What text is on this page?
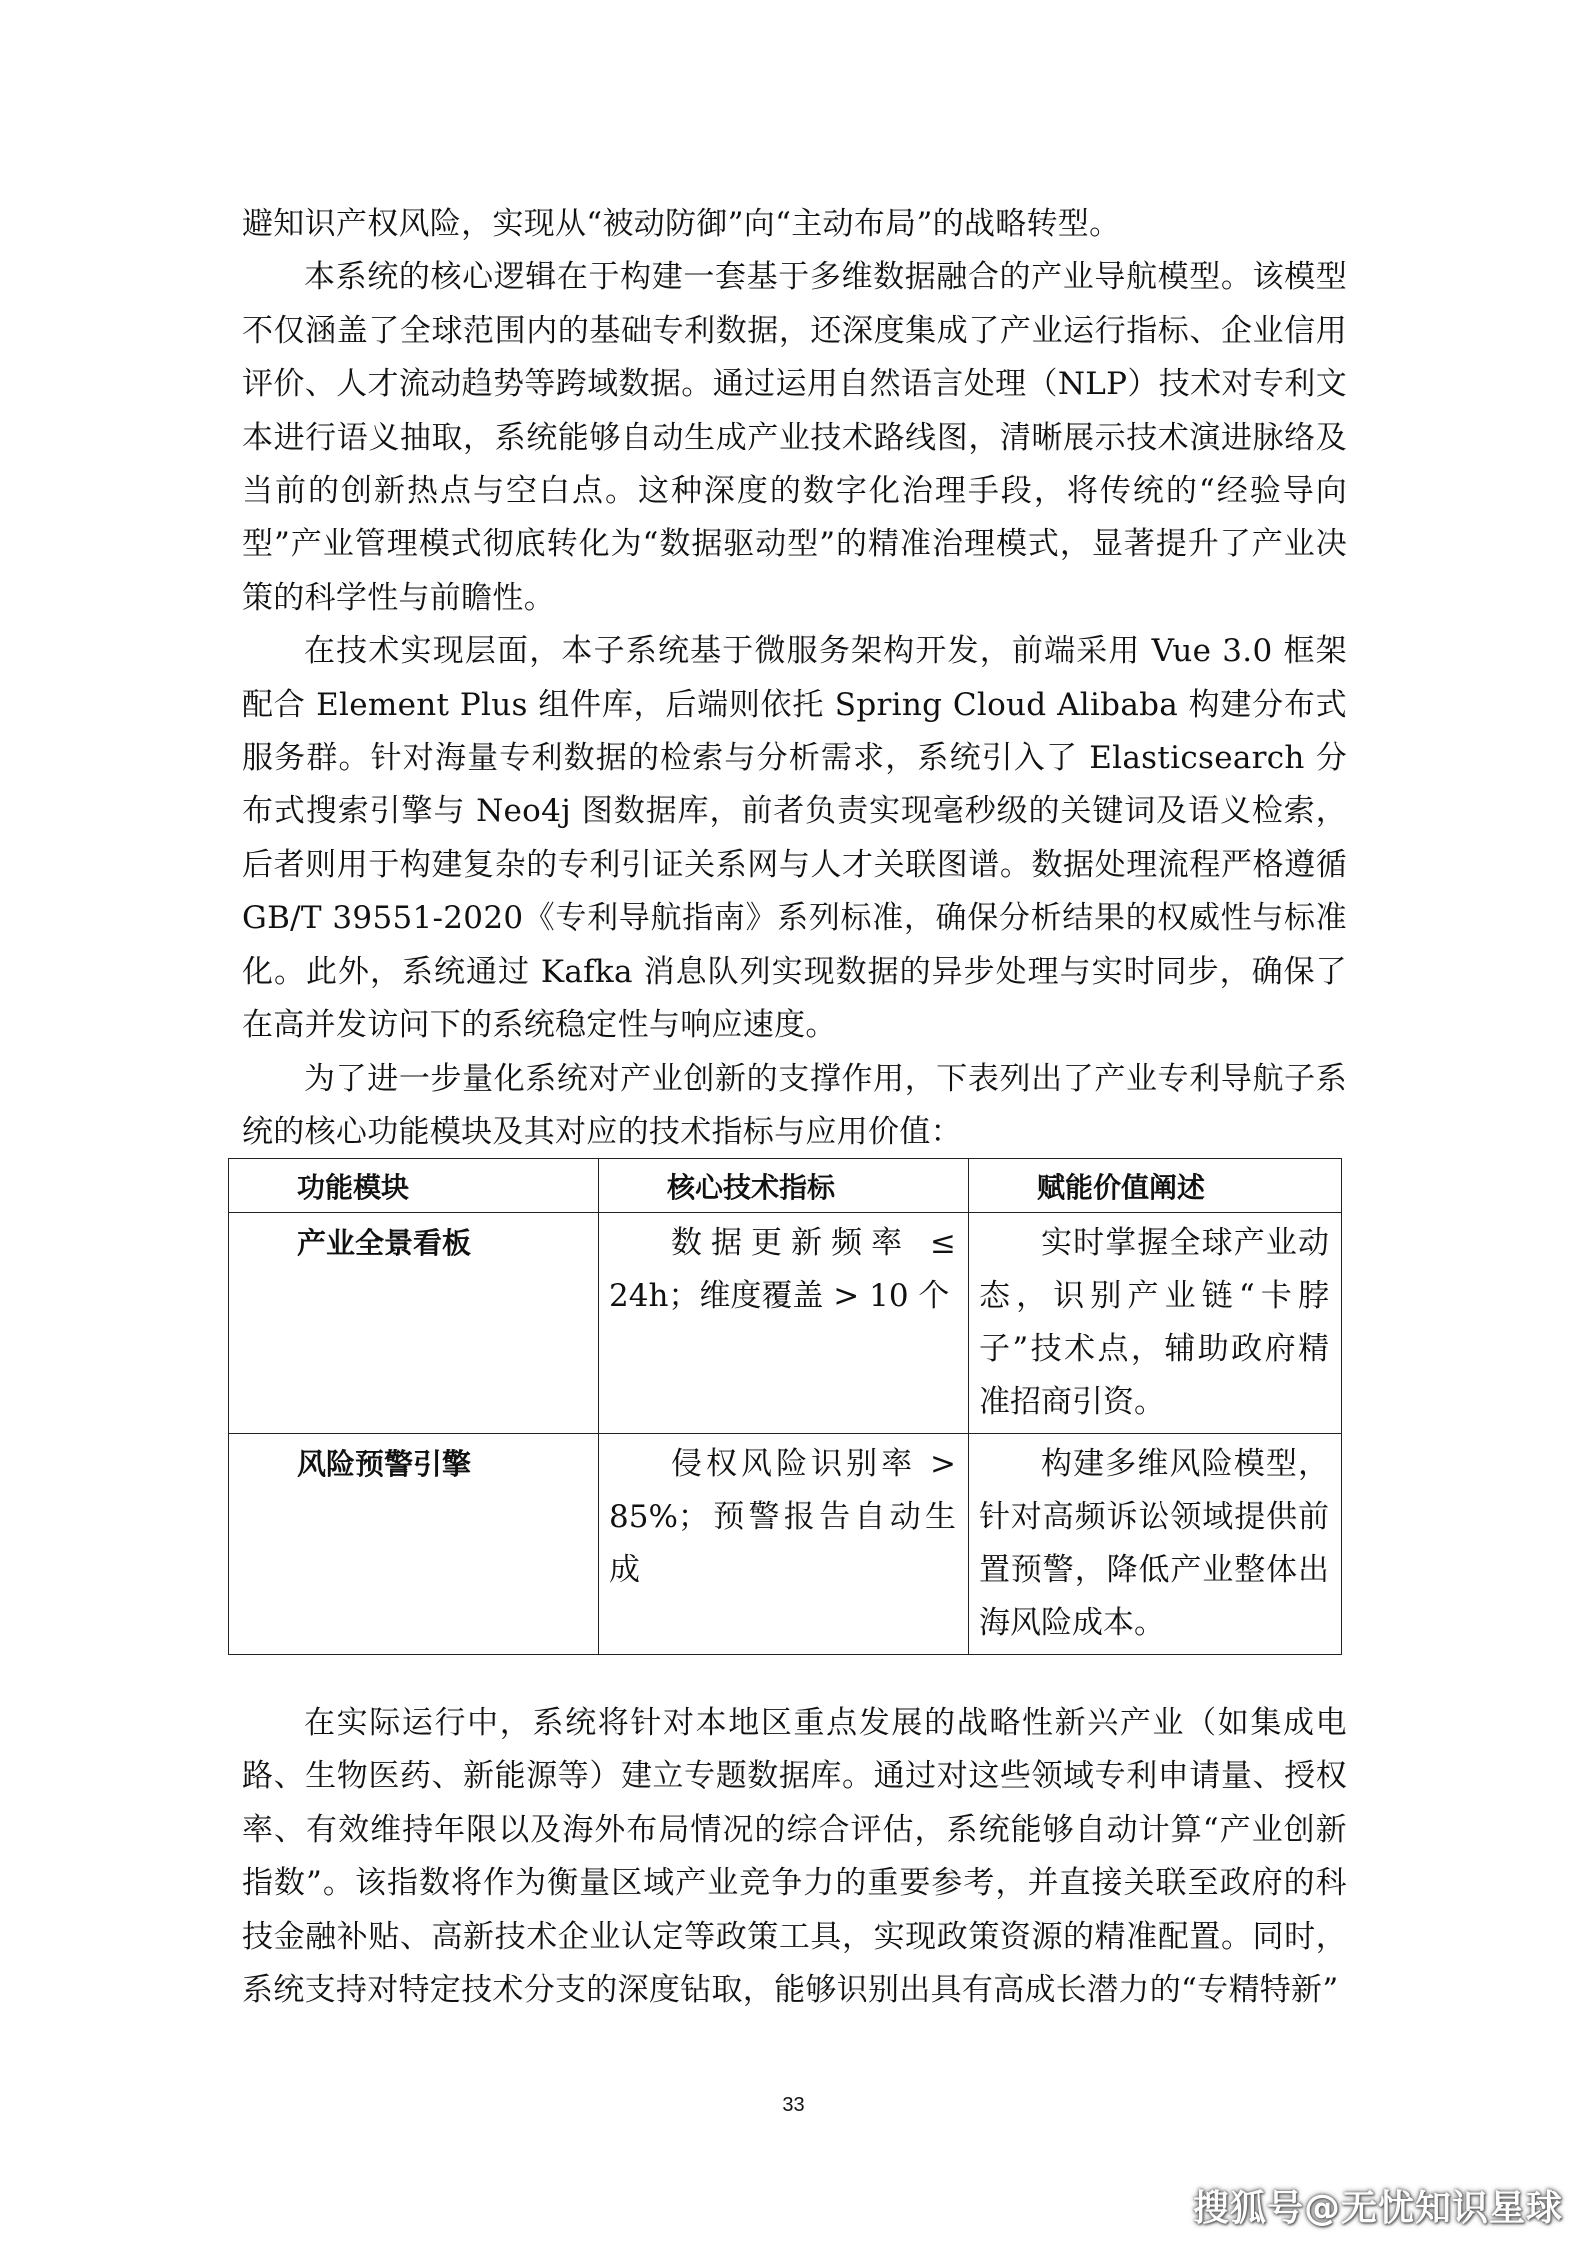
避知识产权风险，实现从“被动防御”向“主动布局”的战略转型。

本系统的核心逻辑在于构建一套基于多维数据融合的产业导航模型。该模型不仅涵盖了全球范围内的基础专利数据，还深度集成了产业运行指标、企业信用评价、人才流动趋势等跨域数据。通过运用自然语言处理（NLP）技术对专利文本进行语义抽取，系统能够自动生成产业技术路线图，清晰展示技术演进脉络及当前的创新热点与空白点。这种深度的数字化治理手段，将传统的“经验导向型”产业管理模式彻底转化为“数据驱动型”的精准治理模式，显著提升了产业决策的科学性与前瞻性。

在技术实现层面，本子系统基于微服务架构开发，前端采用 Vue 3.0 框架配合 Element Plus 组件库，后端则依托 Spring Cloud Alibaba 构建分布式服务群。针对海量专利数据的检索与分析需求，系统引入了 Elasticsearch 分布式搜索引擎与 Neo4j 图数据库，前者负责实现毫秒级的关键词及语义检索，后者则用于构建复杂的专利引证关系网与人才关联图谱。数据处理流程严格遵循 GB/T 39551-2020《专利导航指南》系列标准，确保分析结果的权威性与标准化。此外，系统通过 Kafka 消息队列实现数据的异步处理与实时同步，确保了在高并发访问下的系统稳定性与响应速度。

为了进一步量化系统对产业创新的支撑作用，下表列出了产业专利导航子系统的核心功能模块及其对应的技术指标与应用价值：

功能模块	核心技术指标	赋能价值阐述
产业全景看板	数据更新频率 ≤ 24h；维度覆盖 > 10 个	实时掌握全球产业动态，识别产业链“卡脖子”技术点，辅助政府精准招商引资。

风险预警引擎	侵权风险识别率 > 85%；预警报告自动生成	构建多维风险模型，针对高频诉讼领域提供前置预警，降低产业整体出海风险成本。

在实际运行中，系统将针对本地区重点发展的战略性新兴产业（如集成电路、生物医药、新能源等）建立专题数据库。通过对这些领域专利申请量、授权率、有效维持年限以及海外布局情况的综合评估，系统能够自动计算“产业创新指数”。该指数将作为衡量区域产业竞争力的重要参考，并直接关联至政府的科技金融补贴、高新技术企业认定等政策工具，实现政策资源的精准配置。同时，系统支持对特定技术分支的深度钻取，能够识别出具有高成长潜力的“专精特新”

33
搜狐号@无忧知识星球
